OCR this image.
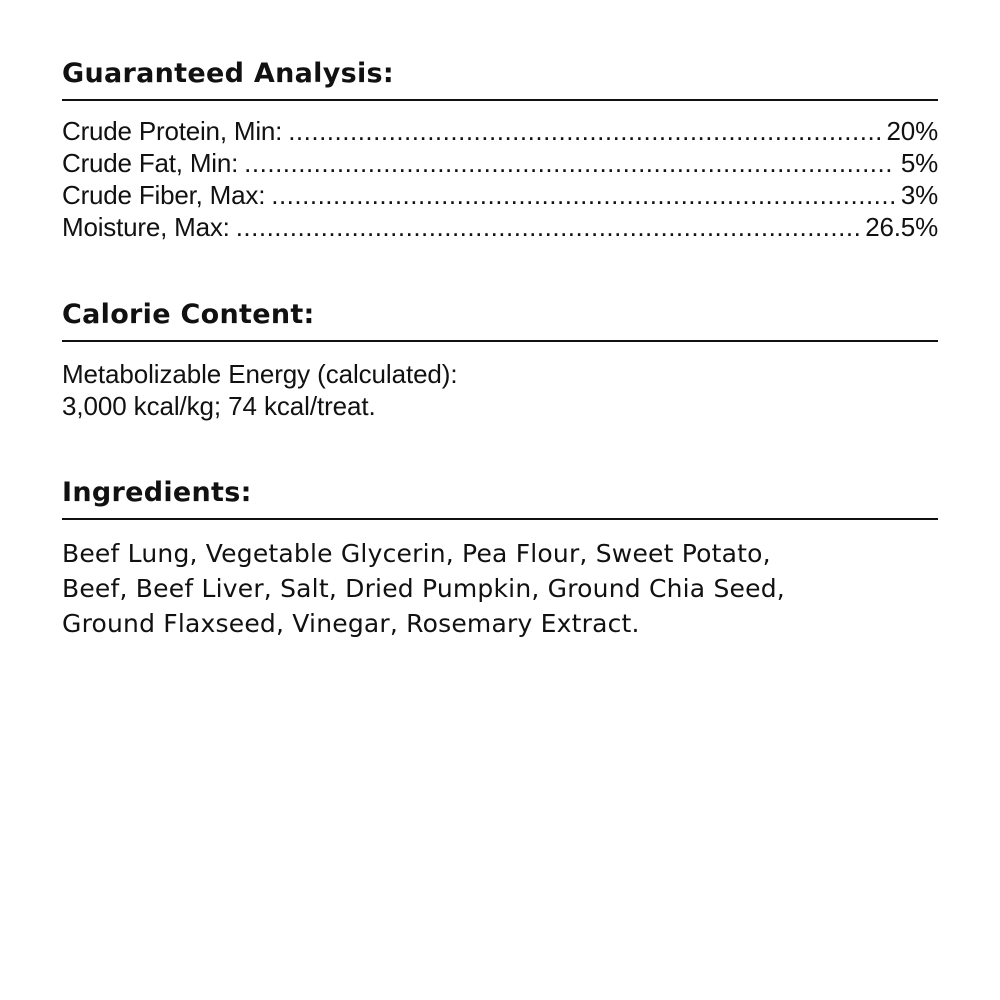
Guaranteed Analysis:
Crude Protein, Min: .....	20%
Crude Fat, Min: .....	5%
Crude Fiber, Max: .....	3%
Moisture, Max: .....	26.5%
Calorie Content:
Metabolizable Energy (calculated):
3,000 kcal/kg; 74 kcal/treat.
Ingredients:
Beef Lung, Vegetable Glycerin, Pea Flour, Sweet Potato,
Beef, Beef Liver, Salt, Dried Pumpkin, Ground Chia Seed,
Ground Flaxseed, Vinegar, Rosemary Extract.
